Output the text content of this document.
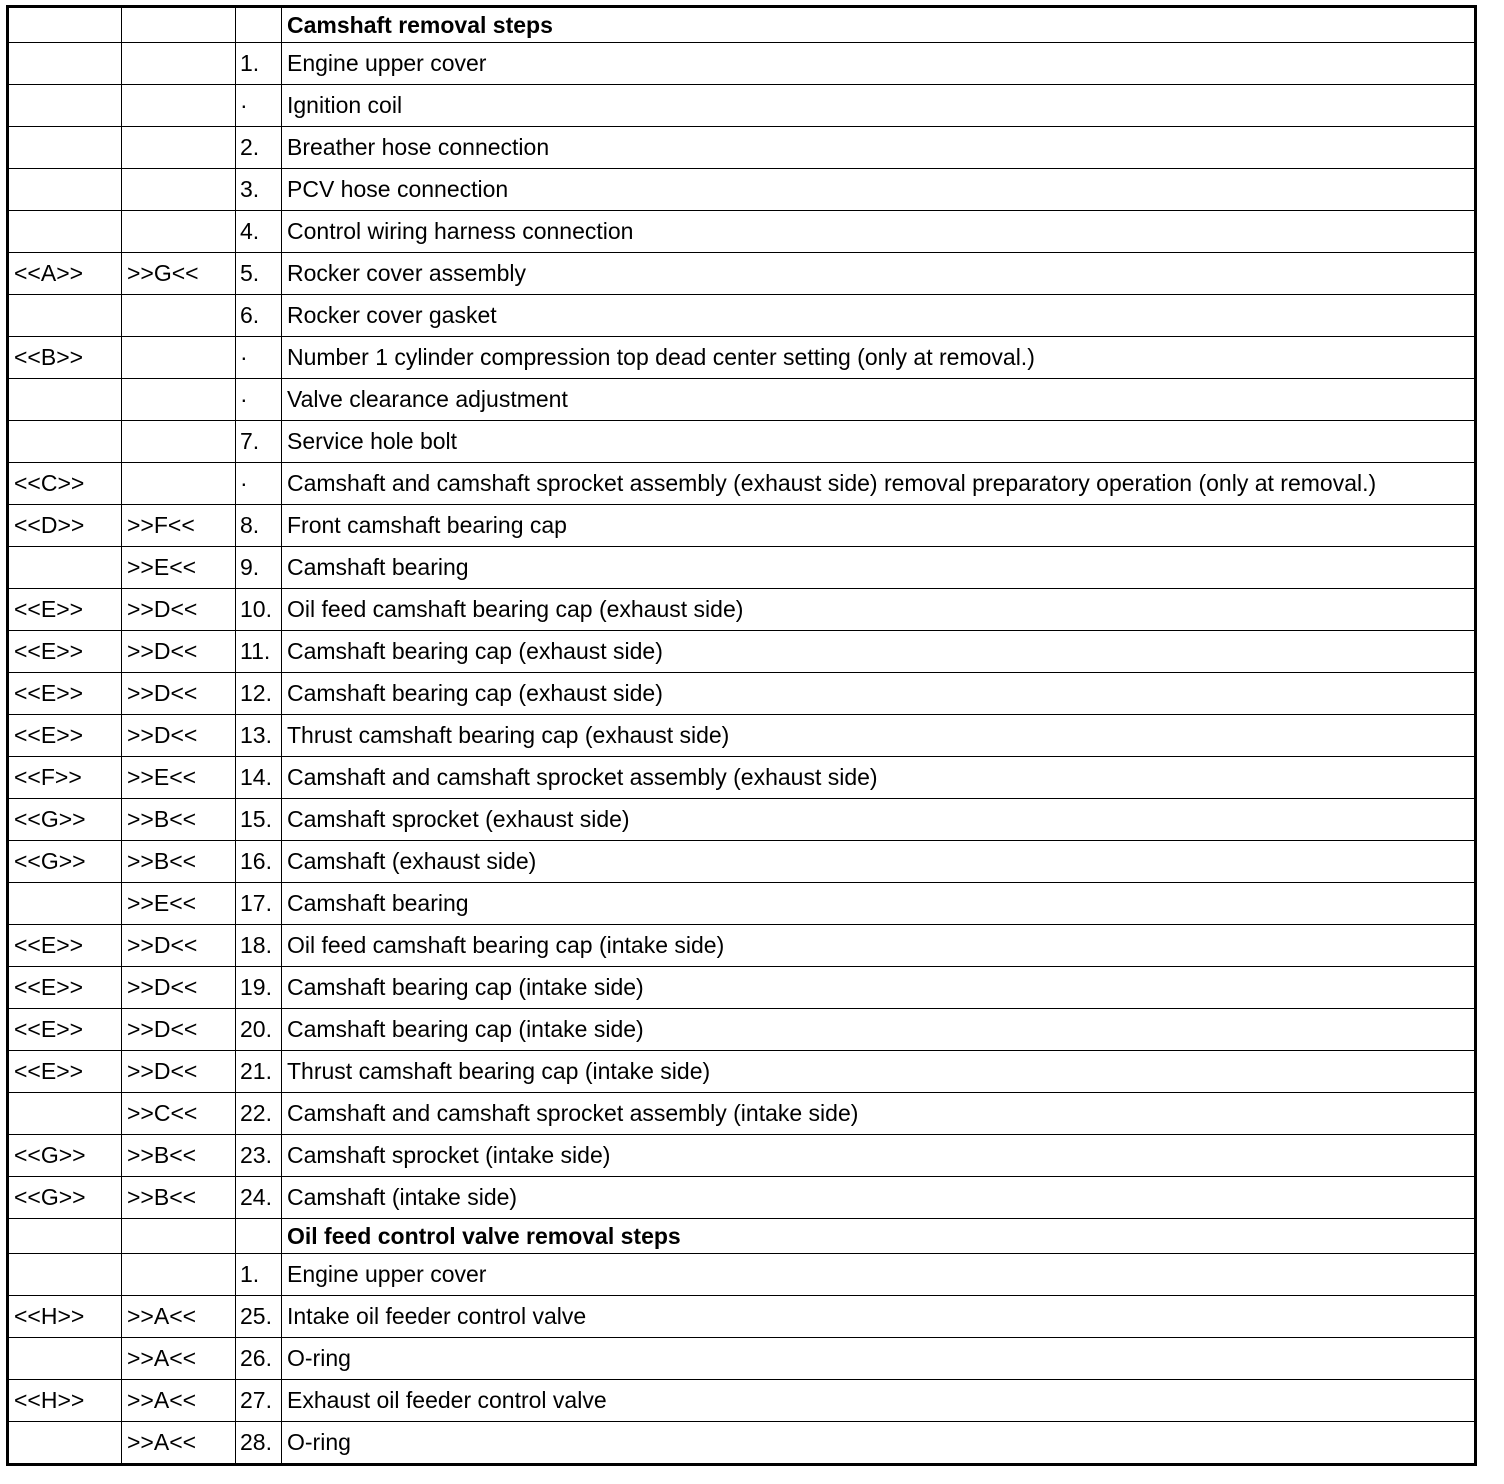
			Camshaft removal steps
		1.	Engine upper cover
		·	Ignition coil
		2.	Breather hose connection
		3.	PCV hose connection
		4.	Control wiring harness connection
<<A>>	>>G<<	5.	Rocker cover assembly
		6.	Rocker cover gasket
<<B>>		·	Number 1 cylinder compression top dead center setting (only at removal.)
		·	Valve clearance adjustment
		7.	Service hole bolt
<<C>>		·	Camshaft and camshaft sprocket assembly (exhaust side) removal preparatory operation (only at removal.)
<<D>>	>>F<<	8.	Front camshaft bearing cap
	>>E<<	9.	Camshaft bearing
<<E>>	>>D<<	10.	Oil feed camshaft bearing cap (exhaust side)
<<E>>	>>D<<	11.	Camshaft bearing cap (exhaust side)
<<E>>	>>D<<	12.	Camshaft bearing cap (exhaust side)
<<E>>	>>D<<	13.	Thrust camshaft bearing cap (exhaust side)
<<F>>	>>E<<	14.	Camshaft and camshaft sprocket assembly (exhaust side)
<<G>>	>>B<<	15.	Camshaft sprocket (exhaust side)
<<G>>	>>B<<	16.	Camshaft (exhaust side)
	>>E<<	17.	Camshaft bearing
<<E>>	>>D<<	18.	Oil feed camshaft bearing cap (intake side)
<<E>>	>>D<<	19.	Camshaft bearing cap (intake side)
<<E>>	>>D<<	20.	Camshaft bearing cap (intake side)
<<E>>	>>D<<	21.	Thrust camshaft bearing cap (intake side)
	>>C<<	22.	Camshaft and camshaft sprocket assembly (intake side)
<<G>>	>>B<<	23.	Camshaft sprocket (intake side)
<<G>>	>>B<<	24.	Camshaft (intake side)
			Oil feed control valve removal steps
		1.	Engine upper cover
<<H>>	>>A<<	25.	Intake oil feeder control valve
	>>A<<	26.	O-ring
<<H>>	>>A<<	27.	Exhaust oil feeder control valve
	>>A<<	28.	O-ring
